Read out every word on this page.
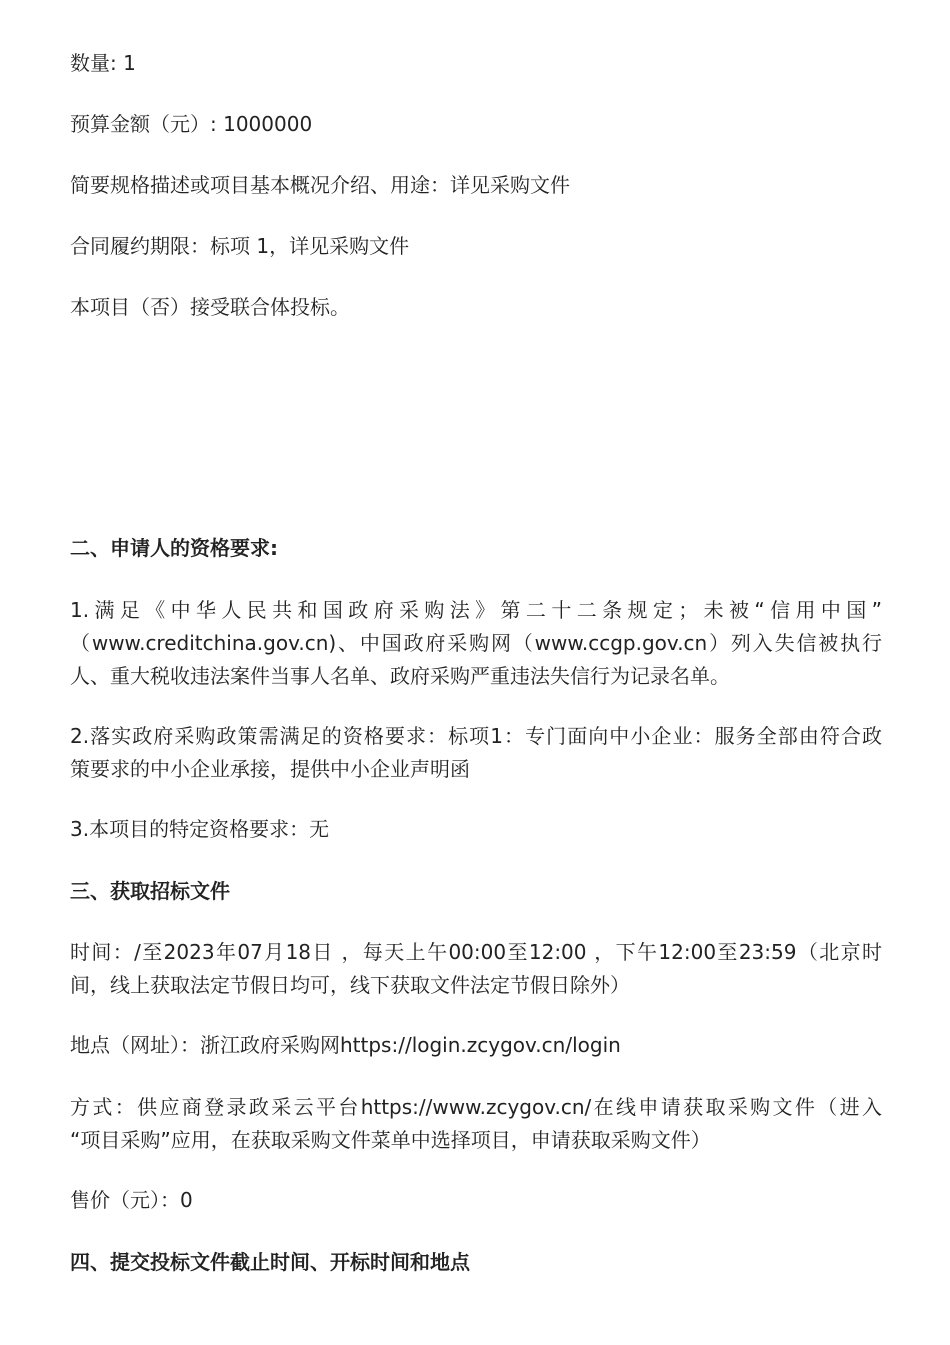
数量: 1

预算金额（元）: 1000000

简要规格描述或项目基本概况介绍、用途：详见采购文件

合同履约期限：标项 1，详见采购文件

本项目（否）接受联合体投标。

二、申请人的资格要求:

1.满足《中华人民共和国政府采购法》第二十二条规定；未被“信用中国”
（www.creditchina.gov.cn)、中国政府采购网（www.ccgp.gov.cn）列入失信被执行
人、重大税收违法案件当事人名单、政府采购严重违法失信行为记录名单。
2.落实政府采购政策需满足的资格要求：标项1：专门面向中小企业：服务全部由符合政
策要求的中小企业承接，提供中小企业声明函

3.本项目的特定资格要求：无

三、获取招标文件

时间：/至2023年07月18日 ，每天上午00:00至12:00 ，下午12:00至23:59（北京时
间，线上获取法定节假日均可，线下获取文件法定节假日除外）

地点（网址）：浙江政府采购网https://login.zcygov.cn/login

方式：供应商登录政采云平台https://www.zcygov.cn/在线申请获取采购文件（进入
“项目采购”应用，在获取采购文件菜单中选择项目，申请获取采购文件）

售价（元）：0

四、提交投标文件截止时间、开标时间和地点
